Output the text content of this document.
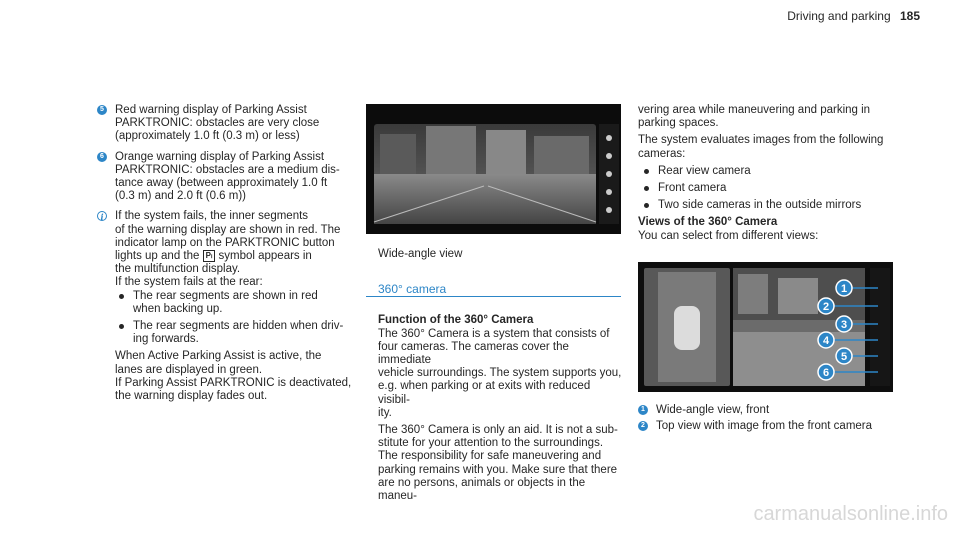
Driving and parking 185
5 Red warning display of Parking Assist
PARKTRONIC: obstacles are very close
(approximately 1.0 ft (0.3 m) or less)
6 Orange warning display of Parking Assist
PARKTRONIC: obstacles are a medium dis-
tance away (between approximately 1.0 ft
(0.3 m) and 2.0 ft (0.6 m))
i If the system fails, the inner segments
of the warning display are shown in red. The
indicator lamp on the PARKTRONIC button
lights up and the Pₗ symbol appears in
the multifunction display.
If the system fails at the rear:
The rear segments are shown in red
when backing up.
The rear segments are hidden when driv-
ing forwards.
When Active Parking Assist is active, the
lanes are displayed in green.
If Parking Assist PARKTRONIC is deactivated,
the warning display fades out.
Wide-angle view
360° camera
Function of the 360° Camera
The 360° Camera is a system that consists of
four cameras. The cameras cover the immediate
vehicle surroundings. The system supports you,
e.g. when parking or at exits with reduced visibil-
ity.
The 360° Camera is only an aid. It is not a sub-
stitute for your attention to the surroundings.
The responsibility for safe maneuvering and
parking remains with you. Make sure that there
are no persons, animals or objects in the maneu-
vering area while maneuvering and parking in
parking spaces.
The system evaluates images from the following
cameras:
Rear view camera
Front camera
Two side cameras in the outside mirrors
Views of the 360° Camera
You can select from different views:
1
2
3
4
5
6
1 Wide-angle view, front
2 Top view with image from the front camera
carmanualsonline.info
